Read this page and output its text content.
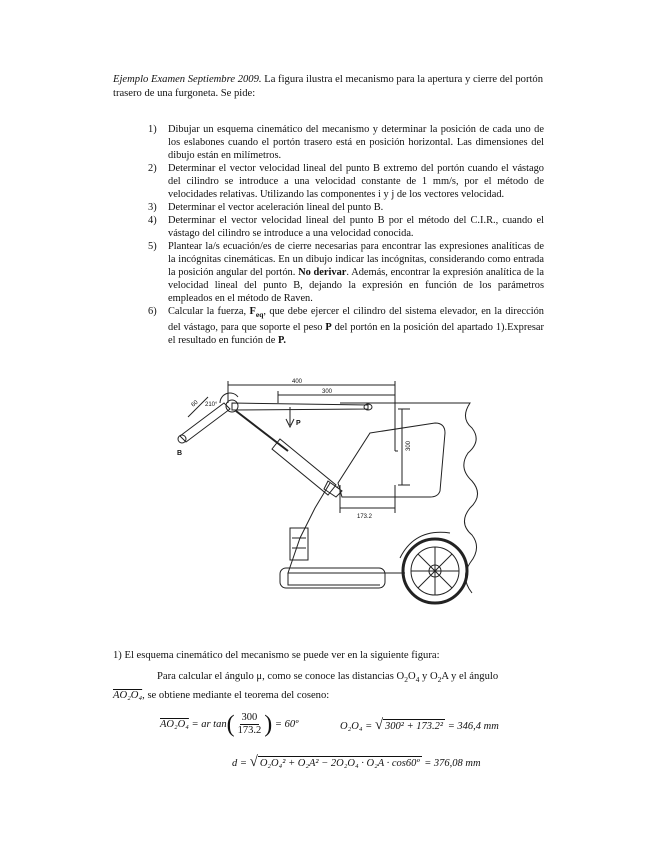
Ejemplo Examen Septiembre 2009. La figura ilustra el mecanismo para la apertura y cierre del portón trasero de una furgoneta. Se pide:
1) Dibujar un esquema cinemático del mecanismo y determinar la posición de cada uno de los eslabones cuando el portón trasero está en posición horizontal. Las dimensiones del dibujo están en milímetros.
2) Determinar el vector velocidad lineal del punto B extremo del portón cuando el vástago del cilindro se introduce a una velocidad constante de 1 mm/s, por el método de velocidades relativas. Utilizando las componentes i y j de los vectores velocidad.
3) Determinar el vector aceleración lineal del punto B.
4) Determinar el vector velocidad lineal del punto B por el método del C.I.R., cuando el vástago del cilindro se introduce a una velocidad conocida.
5) Plantear la/s ecuación/es de cierre necesarias para encontrar las expresiones analíticas de la incógnitas cinemáticas. En un dibujo indicar las incógnitas, considerando como entrada la posición angular del portón. No derivar. Además, encontrar la expresión analítica de la velocidad lineal del punto B, dejando la expresión en función de los parámetros empleados en el método de Raven.
6) Calcular la fuerza, $F_{eq}$, que debe ejercer el cilindro del sistema elevador, en la dirección del vástago, para que soporte el peso P del portón en la posición del apartado 1).Expresar el resultado en función de P.
400
300
300
173.2
60 210°
B
P
1) El esquema cinemático del mecanismo se puede ver en la siguiente figura:
Para calcular el ángulo μ, como se conoce las distancias $O_2O_4$ y $O_2A$ y el ángulo
AO₂O₄, se obtiene mediante el teorema del coseno:
AO₂O₄ = ar $\tan( \frac{300}{173.2}$ ) = 60º	O₂O₄ = √ 300² + 173.2² = 346,4 mm
d = √ O₂O₄² + O₂A² − 2O₂O₄ · O₂A · cos60º = 376,08 mm
